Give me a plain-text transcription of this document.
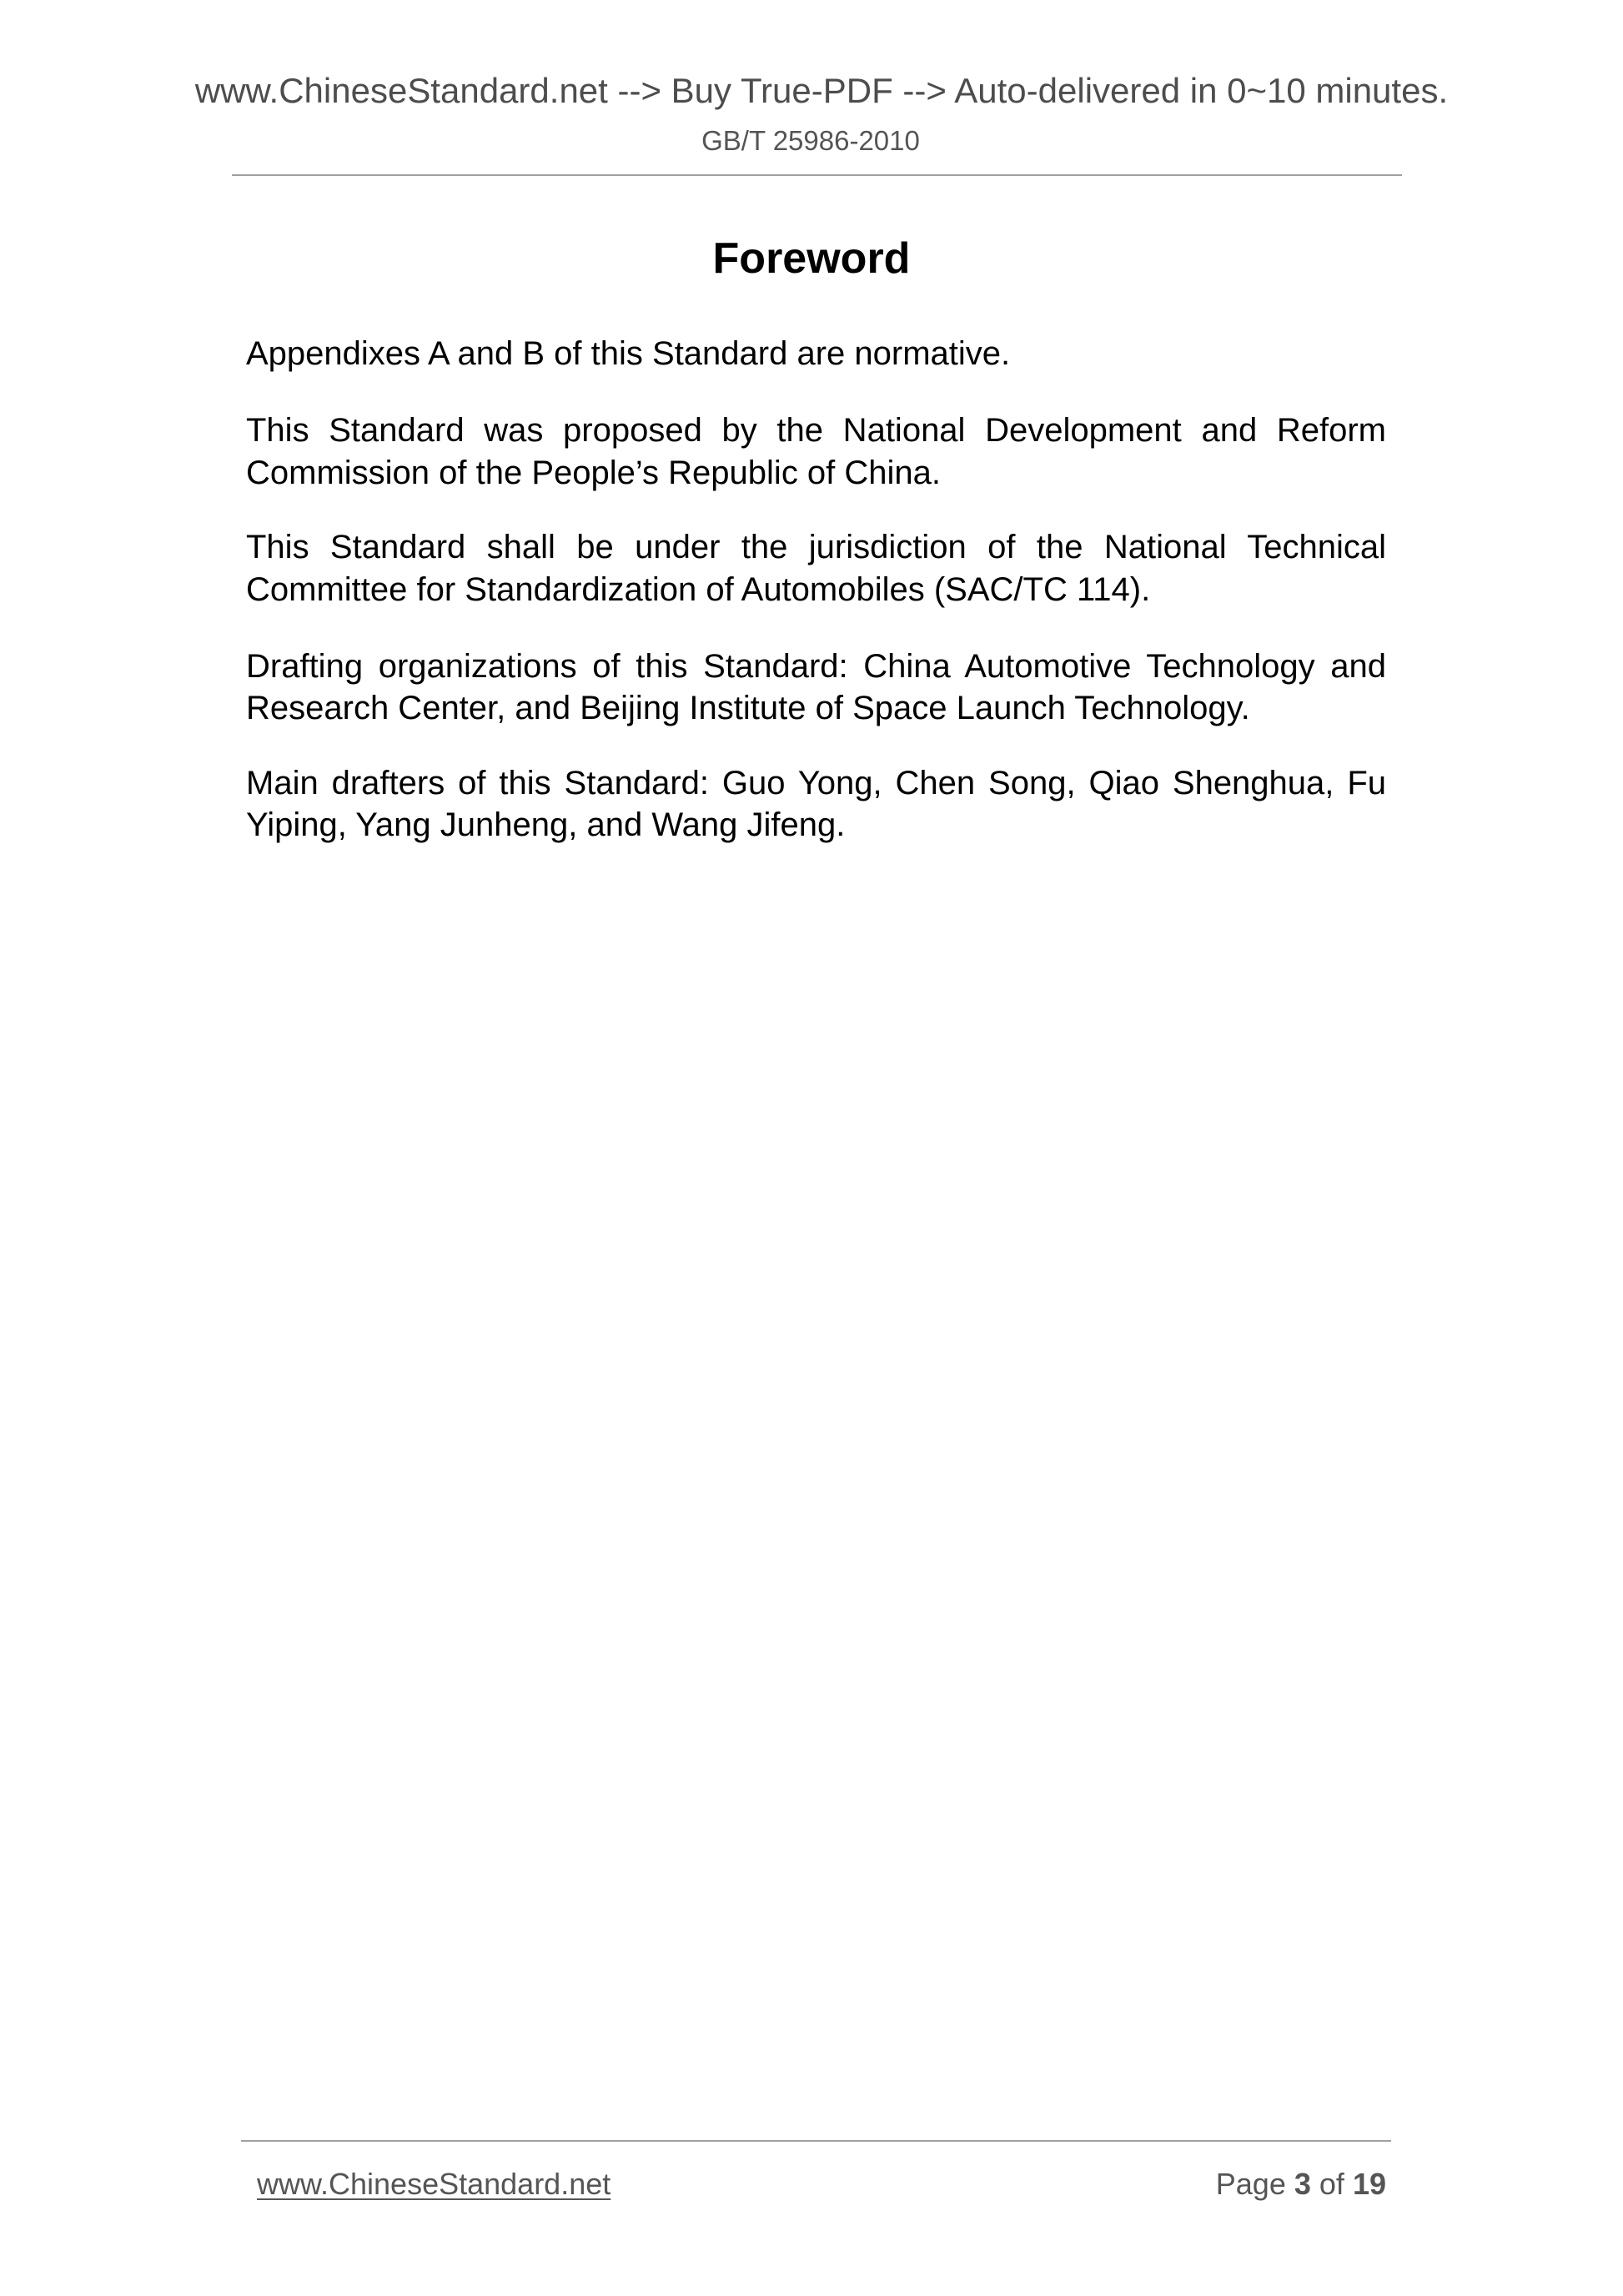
www.ChineseStandard.net --> Buy True-PDF --> Auto-delivered in 0~10 minutes.
GB/T 25986-2010
Foreword
Appendixes A and B of this Standard are normative.
This Standard was proposed by the National Development and Reform
Commission of the People’s Republic of China.
This Standard shall be under the jurisdiction of the National Technical
Committee for Standardization of Automobiles (SAC/TC 114).
Drafting organizations of this Standard: China Automotive Technology and
Research Center, and Beijing Institute of Space Launch Technology.
Main drafters of this Standard: Guo Yong, Chen Song, Qiao Shenghua, Fu
Yiping, Yang Junheng, and Wang Jifeng.
www.ChineseStandard.net	Page 3 of 19
